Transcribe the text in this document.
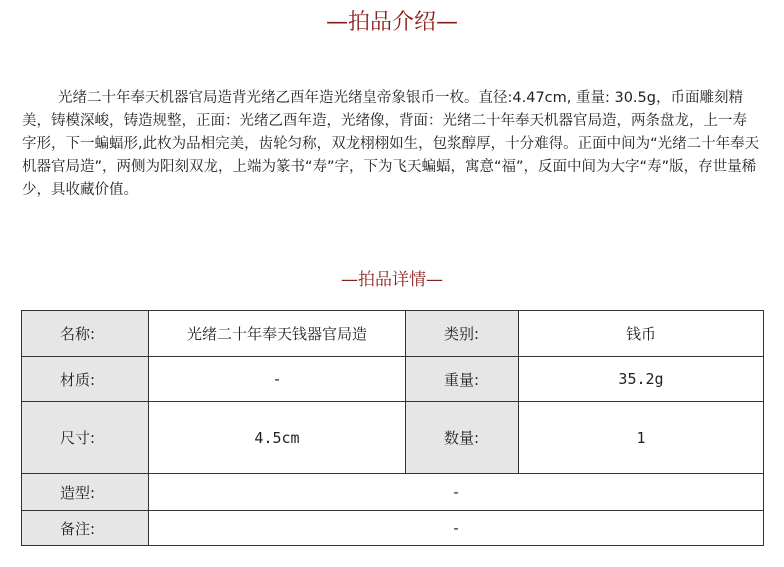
—拍品介绍—

光绪二十年奉天机器官局造背光绪乙酉年造光绪皇帝象银币一枚。直径:4.47cm, 重量: 30.5g，币面雕刻精美，铸模深峻，铸造规整，正面：光绪乙酉年造，光绪像，背面：光绪二十年奉天机器官局造，两条盘龙，上一寿字形，下一蝙蝠形,此枚为品相完美，齿轮匀称，双龙栩栩如生，包浆醇厚，十分难得。正面中间为“光绪二十年奉天机器官局造”，两侧为阳刻双龙，上端为篆书“寿”字，下为飞天蝙蝠，寓意“福”，反面中间为大字“寿”版，存世量稀少，具收藏价值。

—拍品详情—
名称:	光绪二十年奉天钱器官局造	类别:	钱币
材质:	-	重量:	35.2g
尺寸:	4.5cm	数量:	1
造型:	-		
备注:	-		
